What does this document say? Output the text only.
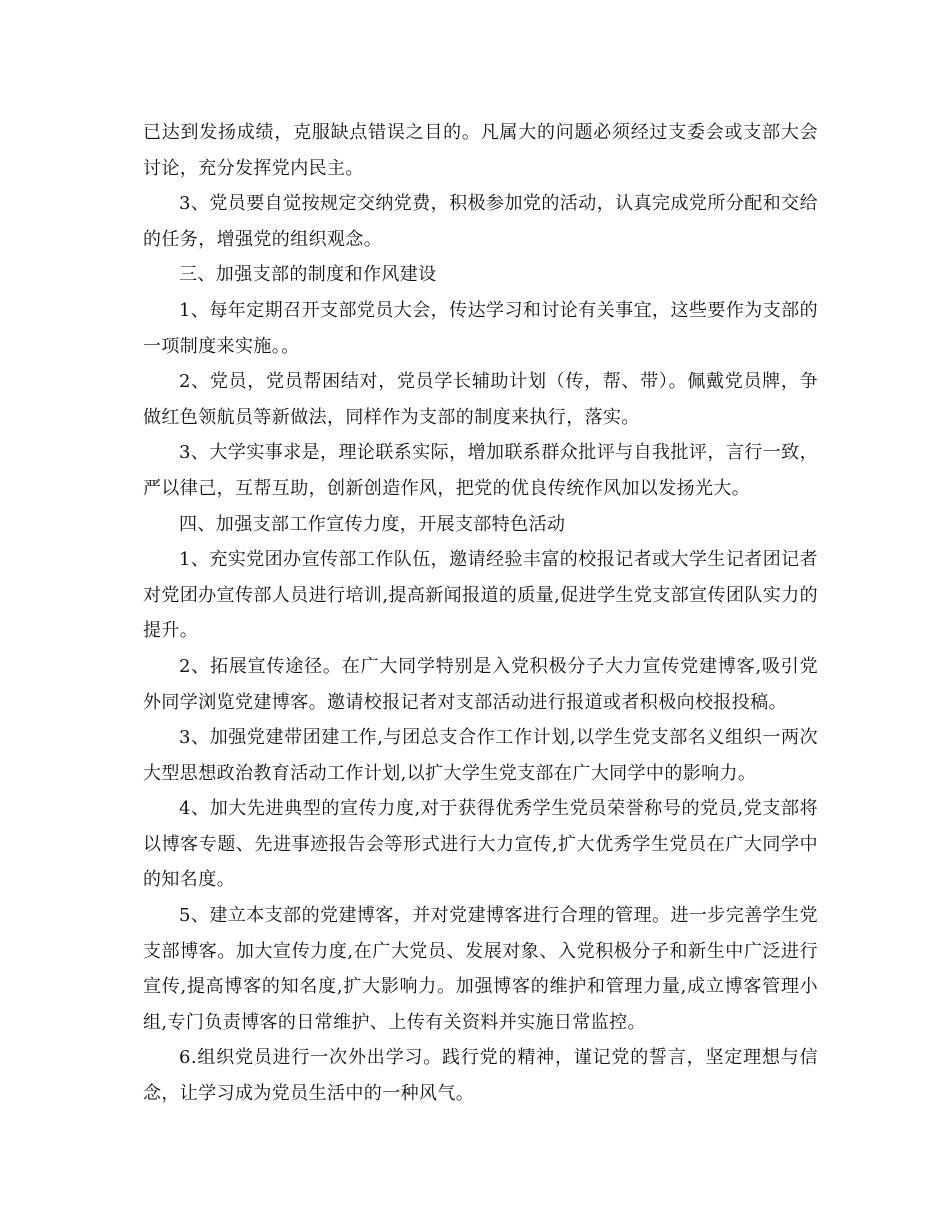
已达到发扬成绩，克服缺点错误之目的。凡属大的问题必须经过支委会或支部大会讨论，充分发挥党内民主。

3、党员要自觉按规定交纳党费，积极参加党的活动，认真完成党所分配和交给的任务，增强党的组织观念。

三、加强支部的制度和作风建设

1、每年定期召开支部党员大会，传达学习和讨论有关事宜，这些要作为支部的一项制度来实施。。

2、党员，党员帮困结对，党员学长辅助计划（传，帮、带）。佩戴党员牌，争做红色领航员等新做法，同样作为支部的制度来执行，落实。

3、大学实事求是，理论联系实际，增加联系群众批评与自我批评，言行一致，严以律己，互帮互助，创新创造作风，把党的优良传统作风加以发扬光大。

四、加强支部工作宣传力度，开展支部特色活动

1、充实党团办宣传部工作队伍，邀请经验丰富的校报记者或大学生记者团记者对党团办宣传部人员进行培训,提高新闻报道的质量,促进学生党支部宣传团队实力的提升。

2、拓展宣传途径。在广大同学特别是入党积极分子大力宣传党建博客,吸引党外同学浏览党建博客。邀请校报记者对支部活动进行报道或者积极向校报投稿。

3、加强党建带团建工作,与团总支合作工作计划,以学生党支部名义组织一两次大型思想政治教育活动工作计划,以扩大学生党支部在广大同学中的影响力。

4、加大先进典型的宣传力度,对于获得优秀学生党员荣誉称号的党员,党支部将以博客专题、先进事迹报告会等形式进行大力宣传,扩大优秀学生党员在广大同学中的知名度。

5、建立本支部的党建博客，并对党建博客进行合理的管理。进一步完善学生党支部博客。加大宣传力度,在广大党员、发展对象、入党积极分子和新生中广泛进行宣传,提高博客的知名度,扩大影响力。加强博客的维护和管理力量,成立博客管理小组,专门负责博客的日常维护、上传有关资料并实施日常监控。

6.组织党员进行一次外出学习。践行党的精神，谨记党的誓言，坚定理想与信念，让学习成为党员生活中的一种风气。
